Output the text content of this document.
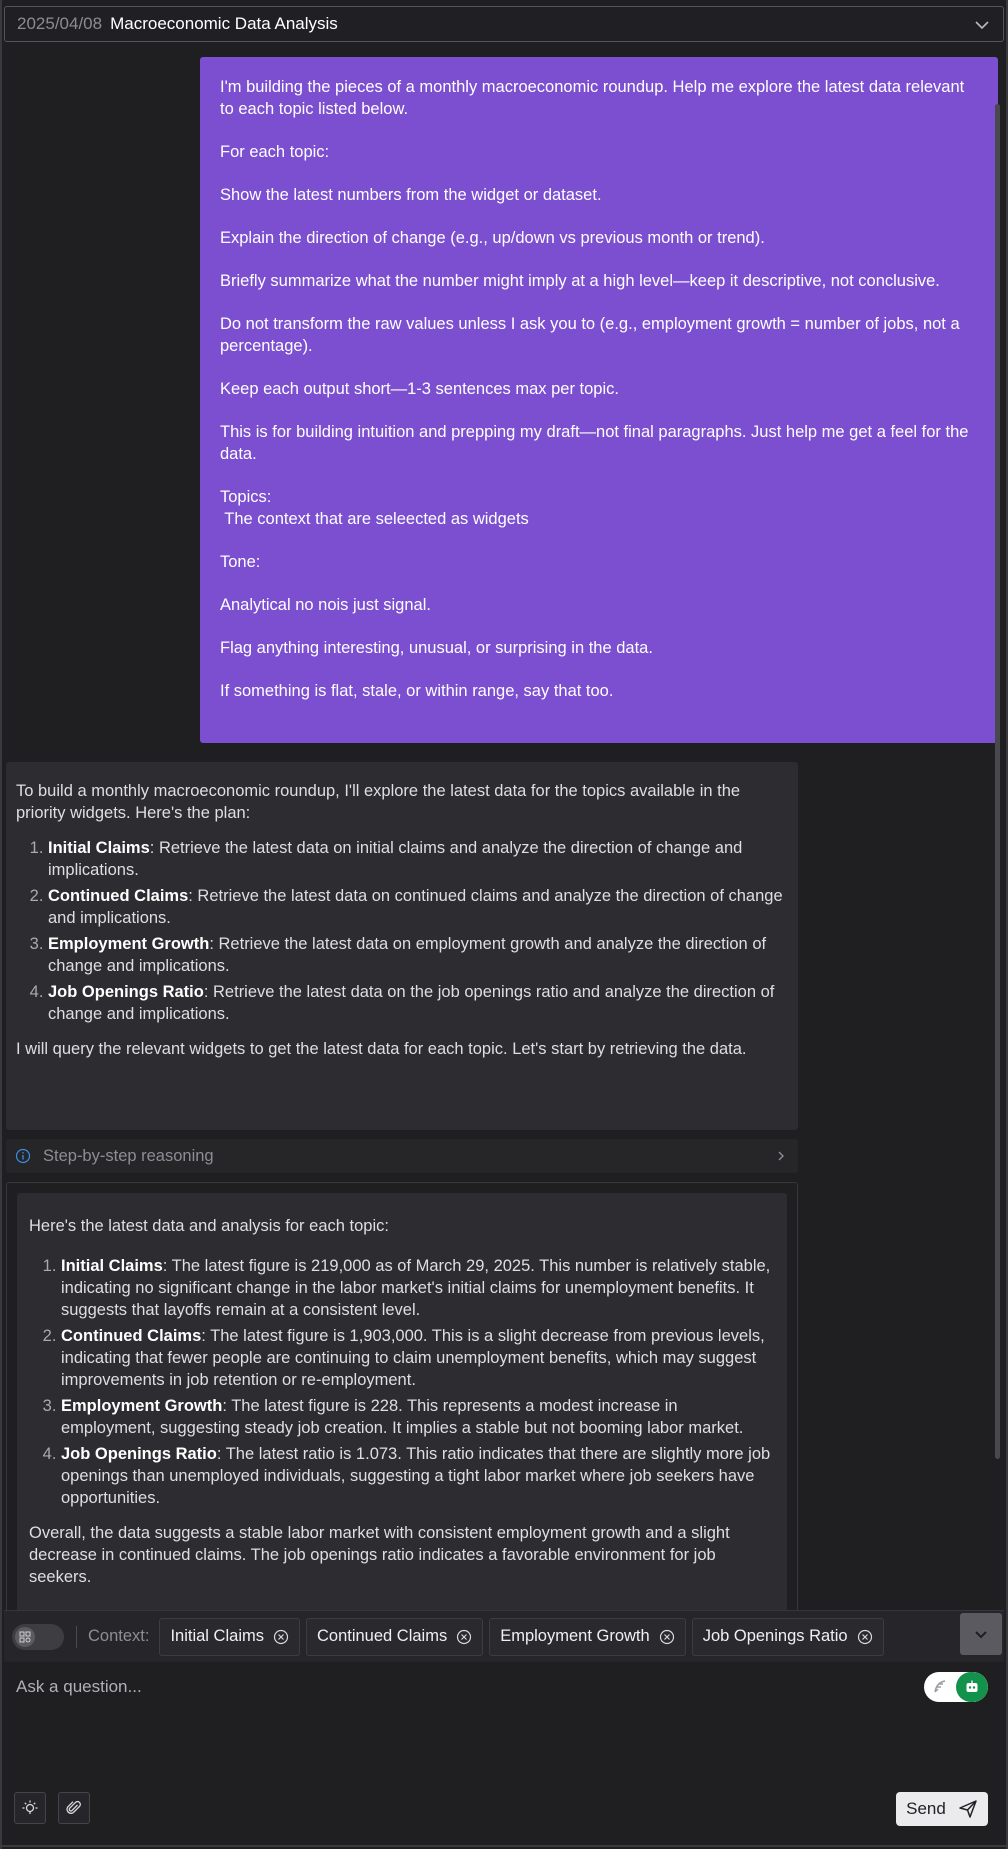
2025/04/08 Macroeconomic Data Analysis

I'm building the pieces of a monthly macroeconomic roundup. Help me explore the latest data relevant to each topic listed below.

For each topic:

Show the latest numbers from the widget or dataset.

Explain the direction of change (e.g., up/down vs previous month or trend).

Briefly summarize what the number might imply at a high level—keep it descriptive, not conclusive.

Do not transform the raw values unless I ask you to (e.g., employment growth = number of jobs, not a percentage).

Keep each output short—1-3 sentences max per topic.

This is for building intuition and prepping my draft—not final paragraphs. Just help me get a feel for the data.

Topics:

The context that are seleected as widgets

Tone:

Analytical no nois just signal.

Flag anything interesting, unusual, or surprising in the data.

If something is flat, stale, or within range, say that too.

To build a monthly macroeconomic roundup, I'll explore the latest data for the topics available in the priority widgets. Here's the plan:

1. Initial Claims: Retrieve the latest data on initial claims and analyze the direction of change and implications.
2. Continued Claims: Retrieve the latest data on continued claims and analyze the direction of change and implications.
3. Employment Growth: Retrieve the latest data on employment growth and analyze the direction of change and implications.
4. Job Openings Ratio: Retrieve the latest data on the job openings ratio and analyze the direction of change and implications.

I will query the relevant widgets to get the latest data for each topic. Let's start by retrieving the data.

Step-by-step reasoning

Here's the latest data and analysis for each topic:

1. Initial Claims: The latest figure is 219,000 as of March 29, 2025. This number is relatively stable, indicating no significant change in the labor market's initial claims for unemployment benefits. It suggests that layoffs remain at a consistent level.
2. Continued Claims: The latest figure is 1,903,000. This is a slight decrease from previous levels, indicating that fewer people are continuing to claim unemployment benefits, which may suggest improvements in job retention or re-employment.
3. Employment Growth: The latest figure is 228. This represents a modest increase in employment, suggesting steady job creation. It implies a stable but not booming labor market.
4. Job Openings Ratio: The latest ratio is 1.073. This ratio indicates that there are slightly more job openings than unemployed individuals, suggesting a tight labor market where job seekers have opportunities.

Overall, the data suggests a stable labor market with consistent employment growth and a slight decrease in continued claims. The job openings ratio indicates a favorable environment for job seekers.

Context: Initial Claims	Continued Claims	Employment Growth	Job Openings Ratio
Ask a question...
Send
